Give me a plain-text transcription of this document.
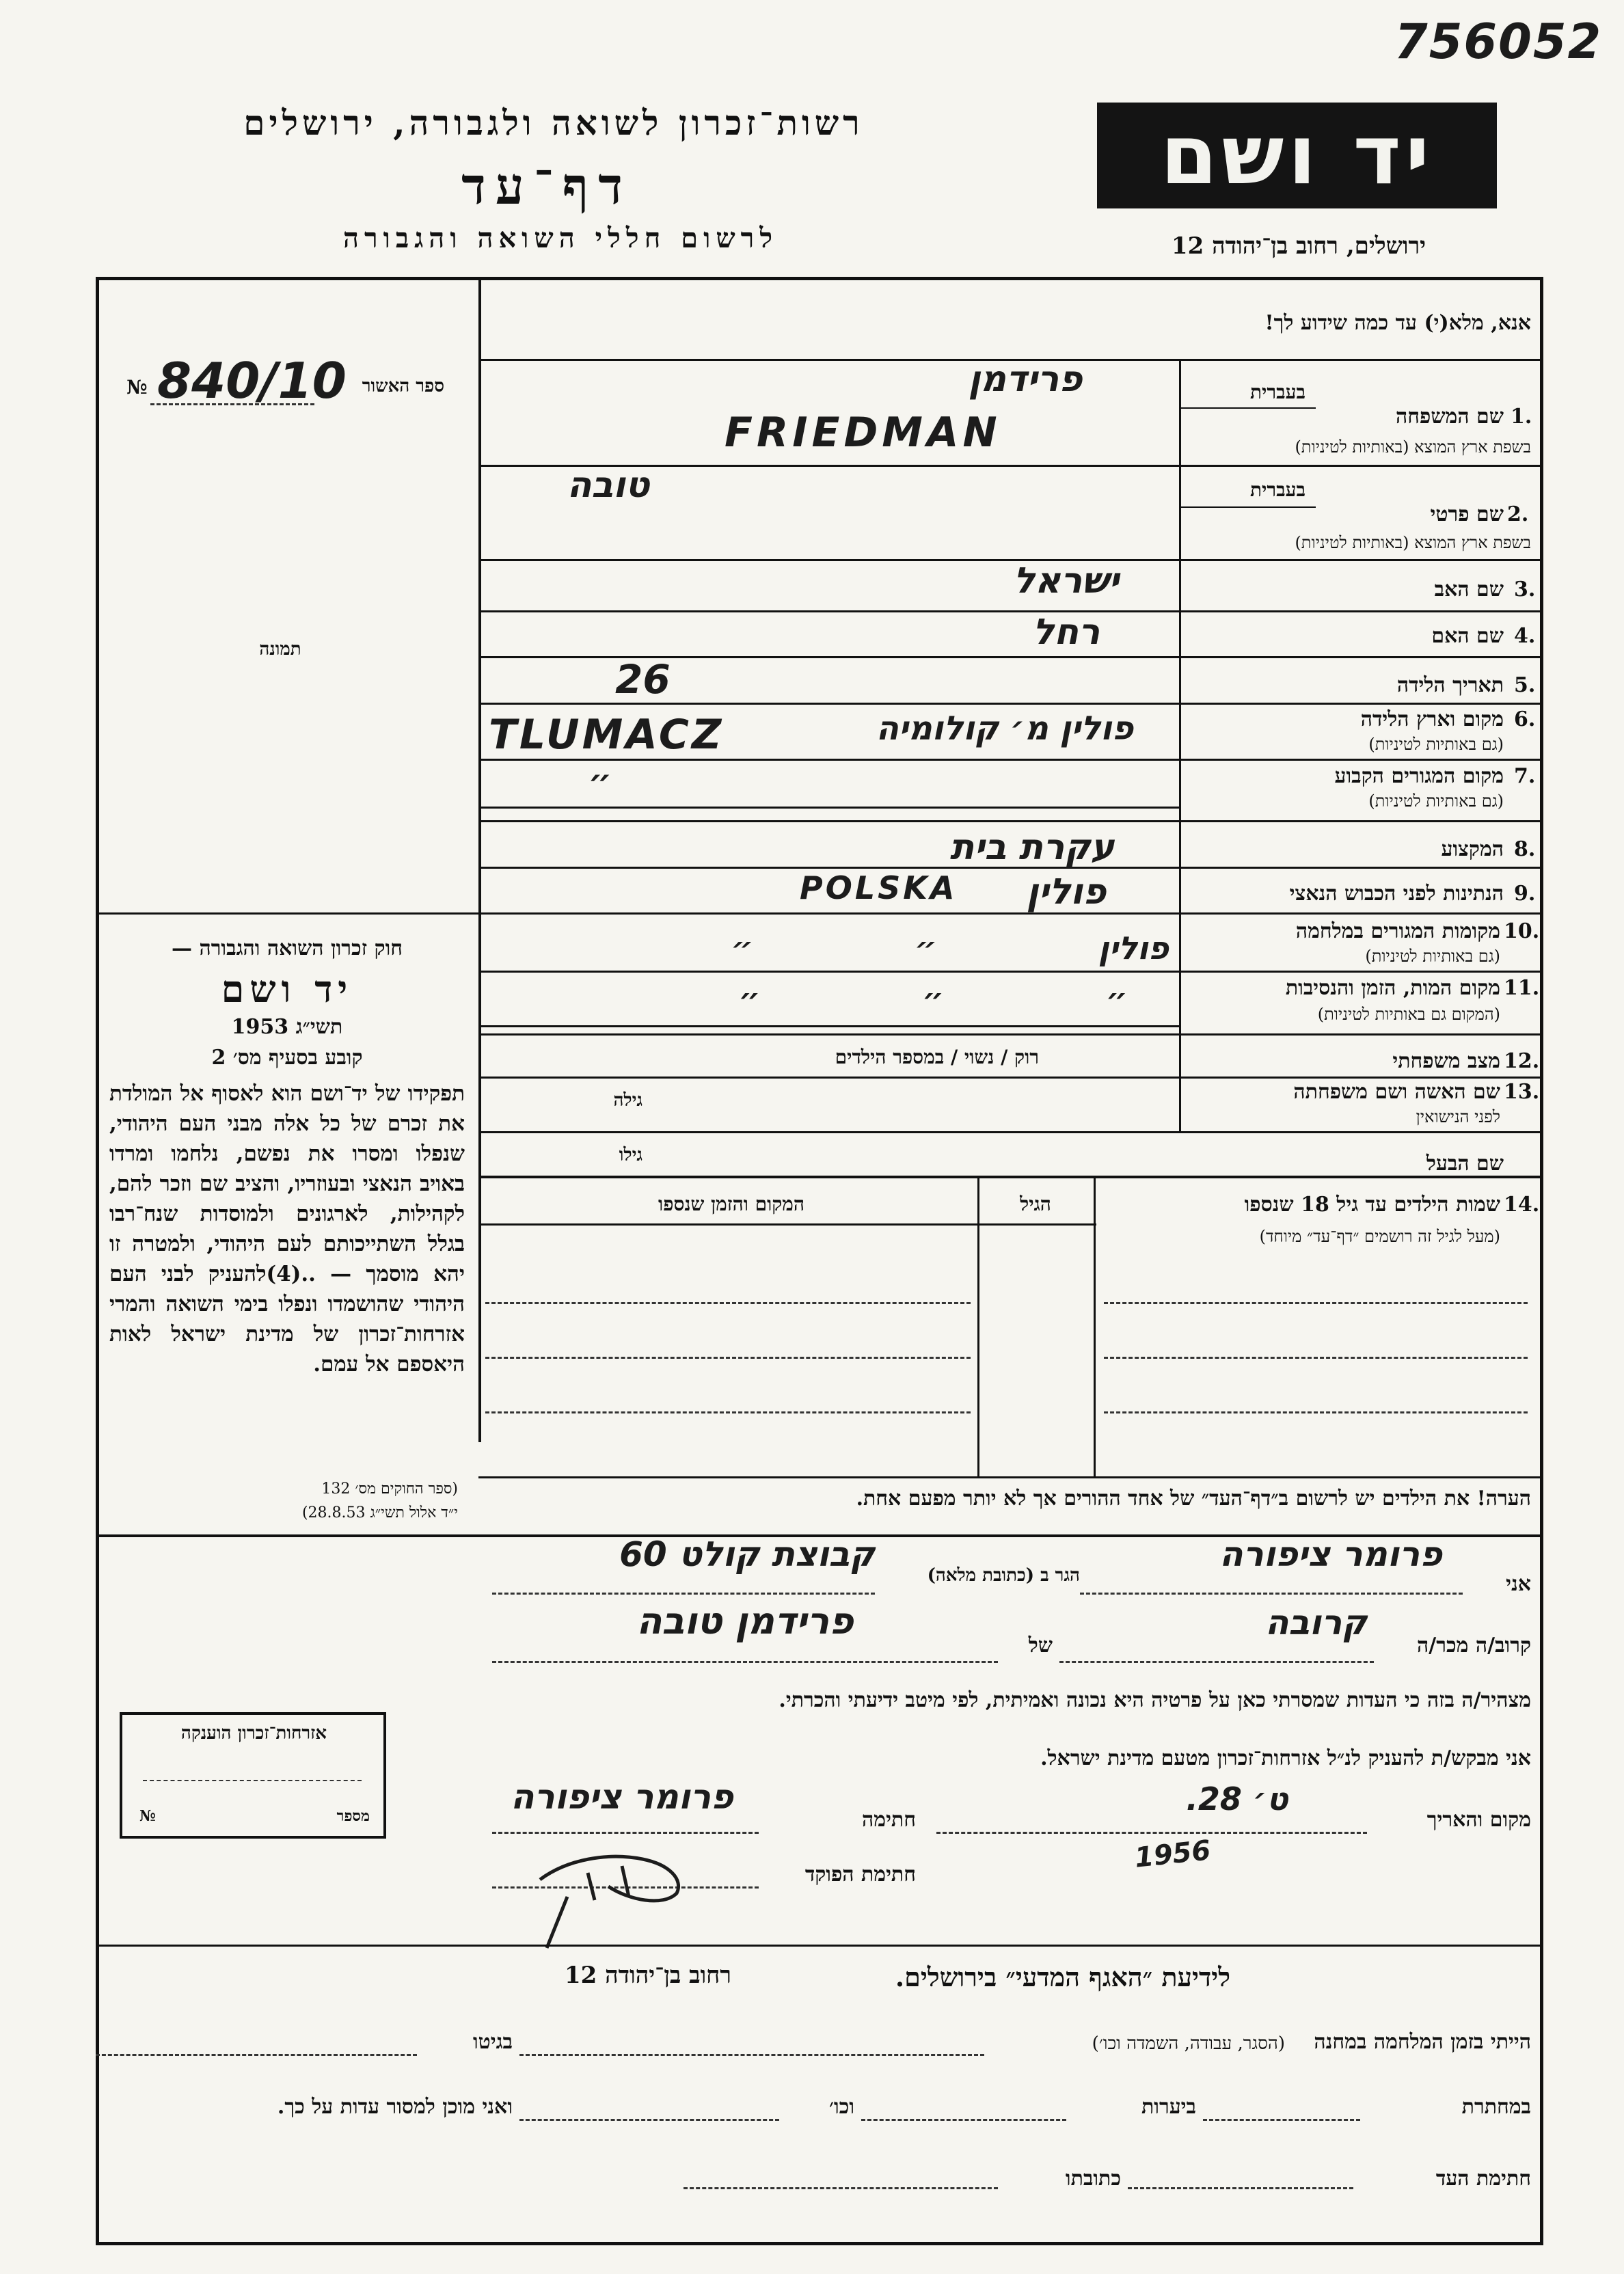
756052
רשות־זכרון לשואה ולגבורה, ירושלים
דף־עד
לרשום חללי השואה והגבורה
יד ושם
ירושלים, רחוב בן־יהודה 12
אנא, מלא(י) עד כמה שידוע לך!
ספר האשור
№ 840/10
תמונה
חוק זכרון השואה והגבורה —
יד ושם
תשי״ג 1953
קובע בסעיף מס׳ 2
תפקידו של יד־ושם הוא לאסוף אל המולדת את זכרם של כל אלה מבני העם היהודי, שנפלו ומסרו את נפשם, נלחמו ומרדו באויב הנאצי ובעוזריו, והציב שם וזכר להם, לקהילות, לארגונים ולמוסדות שנח־רבו בגלל השתייכותם לעם היהודי, ולמטרה זו יהא מוסמך — ..(4)להעניק לבני העם היהודי שהושמדו ונפלו בימי השואה והמרי אזרחות־זכרון של מדינת ישראל לאות היאספם אל עמם.
(ספר החוקים מס׳ 132
י״ד אלול תשי״ג 28.8.53)
1.
שם המשפחה
בעברית
בשפת ארץ המוצא (באותיות לטיניות)
2.
שם פרטי
בעברית
בשפת ארץ המוצא (באותיות לטיניות)
3.
שם האב
4.
שם האם
5.
תאריך הלידה
6.
מקום וארץ הלידה
(גם באותיות לטיניות)
7.
מקום המגורים הקבוע
(גם באותיות לטיניות)
8.
המקצוע
9.
הנתינות לפני הכבוש הנאצי
10.
מקומות המגורים במלחמה
(גם באותיות לטיניות)
11.
מקום המות, הזמן והנסיבות
(המקום גם באותיות לטיניות)
12.
מצב משפחתי
רוק / נשוי / במספר הילדים
13.
שם האשה ושם משפחתה
לפני הנישואין
גילה
שם הבעל
גילו
14.
שמות הילדים עד גיל 18 שנספו
(מעל לגיל זה רושמים ״דף־עד״ מיוחד)
הגיל
המקום והזמן שנספו
הערה! את הילדים יש לרשום ב״דף־העד״ של אחד ההורים אך לא יותר מפעם אחת.
אני
פרומר ציפורה
הגר ב (כתובת מלאה)
קבוצת קולט 60
קרוב/ה מכר/ה
קרובה
של
פרידמן טובה
מצהיר/ה בזה כי העדות שמסרתי כאן על פרטיה היא נכונה ואמיתית, לפי מיטב ידיעתי והכרתי.
אני מבקש/ת להעניק לנ״ל אזרחות־זכרון מטעם מדינת ישראל.
מקום והאריך
ט׳ 28.
1956
חתימה
פרומר ציפורה
חתימת הפוקד
אזרחות־זכרון הוענקה
מספר
№
לידיעת ״האגף המדעי״ בירושלים.
רחוב בן־יהודה 12
הייתי בזמן המלחמה במחנה
(הסגר, עבודה, השמדה וכו׳)
בגיטו
במחתרת
ביערות
וכו׳
ואני מוכן למסור עדות על כך.
חתימת העד
כתובתו
פרידמן
FRIEDMAN
טובה
ישראל
רחל
26
פולין מ׳ קולומיה
TLUMACZ
״
עקרת בית
פולין
POLSKA
פולין ״ ״
״ ״ ״
